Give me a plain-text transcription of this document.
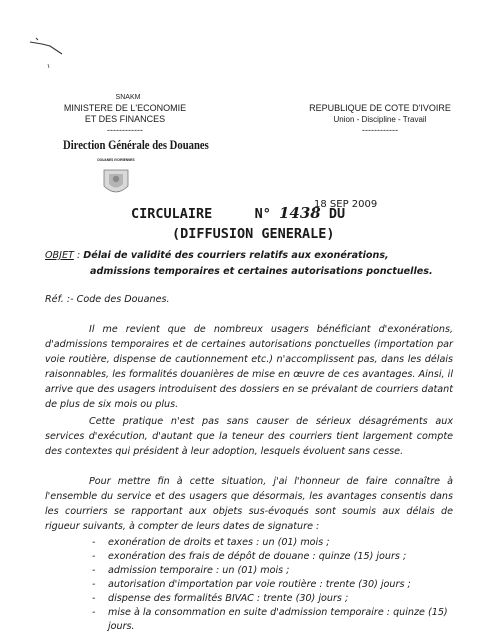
SNAKM
MINISTERE DE L'ECONOMIE
ET DES FINANCES
------------
Direction Générale des Douanes
DOUANES IVOIRIENNES
REPUBLIQUE DE COTE D'IVOIRE
Union - Discipline - Travail
------------
CIRCULAIRE	N° 1438 DU
18 SEP 2009
(DIFFUSION GENERALE)
OBJET : Délai de validité des courriers relatifs aux exonérations,
admissions temporaires et certaines autorisations ponctuelles.
Réf. :- Code des Douanes.
Il me revient que de nombreux usagers bénéficiant d'exonérations, d'admissions temporaires et de certaines autorisations ponctuelles (importation par voie routière, dispense de cautionnement etc.) n'accomplissent pas, dans les délais raisonnables, les formalités douanières de mise en œuvre de ces avantages. Ainsi, il arrive que des usagers introduisent des dossiers en se prévalant de courriers datant de plus de six mois ou plus.
Cette pratique n'est pas sans causer de sérieux désagréments aux services d'exécution, d'autant que la teneur des courriers tient largement compte des contextes qui président à leur adoption, lesquels évoluent sans cesse.
Pour mettre fin à cette situation, j'ai l'honneur de faire connaître à l'ensemble du service et des usagers que désormais, les avantages consentis dans les courriers se rapportant aux objets sus-évoqués sont soumis aux délais de rigueur suivants, à compter de leurs dates de signature :
- exonération de droits et taxes : un (01) mois ;
- exonération des frais de dépôt de douane : quinze (15) jours ;
- admission temporaire : un (01) mois ;
- autorisation d'importation par voie routière : trente (30) jours ;
- dispense des formalités BIVAC : trente (30) jours ;
- mise à la consommation en suite d'admission temporaire : quinze (15)
jours.
